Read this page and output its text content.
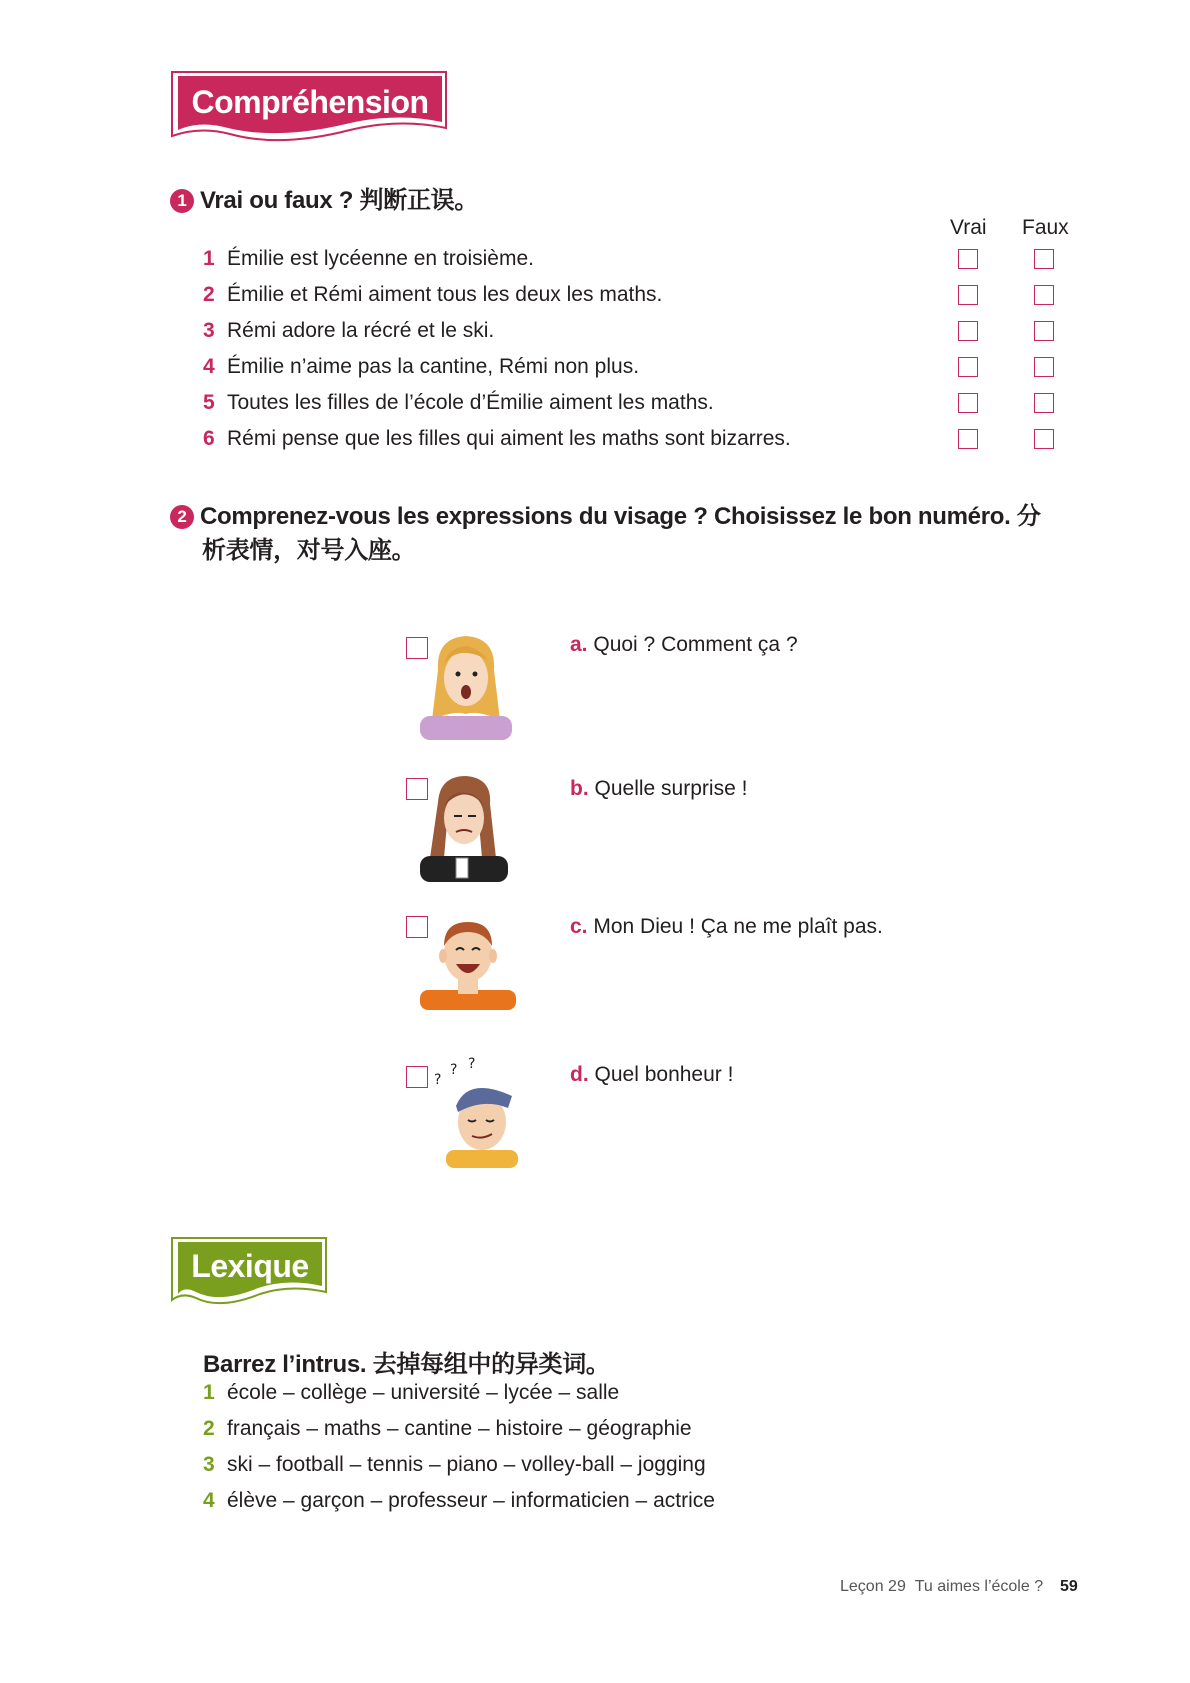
Compréhension
1 Vrai ou faux ? 判断正误。
Vrai Faux
1 Émilie est lycéenne en troisième.
2 Émilie et Rémi aiment tous les deux les maths.
3 Rémi adore la récré et le ski.
4 Émilie n’aime pas la cantine, Rémi non plus.
5 Toutes les filles de l’école d’Émilie aiment les maths.
6 Rémi pense que les filles qui aiment les maths sont bizarres.
2 Comprenez-vous les expressions du visage ? Choisissez le bon numéro. 分
析表情，对号入座。
a. Quoi ? Comment ça ?
b. Quelle surprise !
c. Mon Dieu ! Ça ne me plaît pas.
?
? ?	d. Quel bonheur !
Lexique
Barrez l’intrus. 去掉每组中的异类词。
1 école – collège – université – lycée – salle
2 français – maths – cantine – histoire – géographie
3 ski – football – tennis – piano – volley-ball – jogging
4 élève – garçon – professeur – informaticien – actrice
Leçon 29 Tu aimes l’école ? 59
